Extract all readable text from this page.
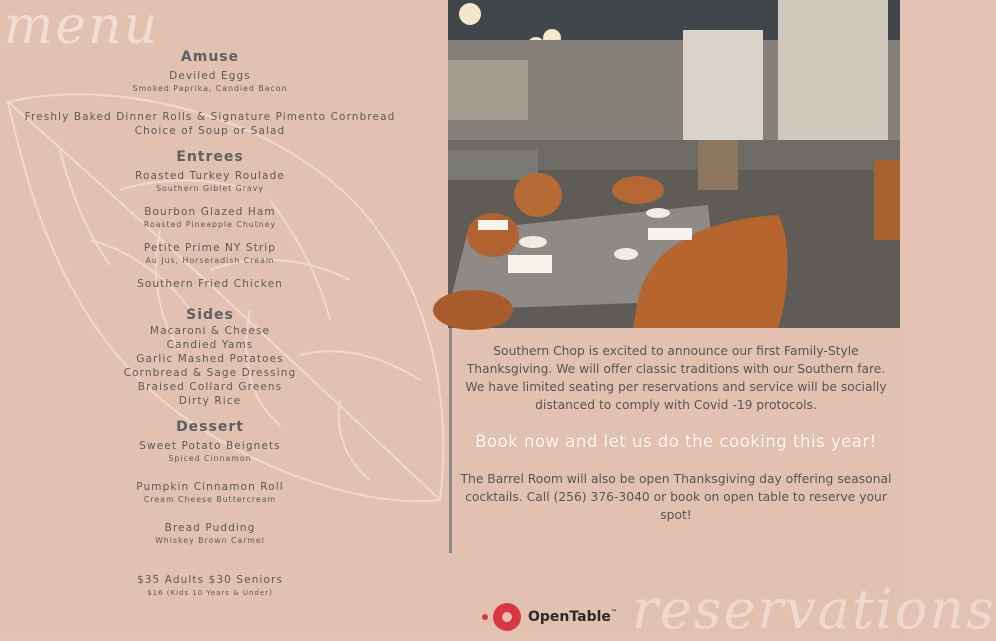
menu
Amuse

Deviled Eggs

Smoked Paprika, Candied Bacon

Freshly Baked Dinner Rolls & Signature Pimento Cornbread

Choice of Soup or Salad

Entrees

Roasted Turkey Roulade

Southern Giblet Gravy

Bourbon Glazed Ham

Roasted Pineapple Chutney

Petite Prime NY Strip

Au Jus, Horseradish Cream

Southern Fried Chicken

Sides

Macaroni & Cheese

Candied Yams

Garlic Mashed Potatoes

Cornbread & Sage Dressing

Braised Collard Greens

Dirty Rice

Dessert

Sweet Potato Beignets

Spiced Cinnamon

Pumpkin Cinnamon Roll

Cream Cheese Buttercream

Bread Pudding

Whiskey Brown Carmel

$35 Adults $30 Seniors

$16 (Kids 10 Years & Under)

Southern Chop is excited to announce our first Family-Style Thanksgiving. We will offer classic traditions with our Southern fare. We have limited seating per reservations and service will be socially distanced to comply with Covid -19 protocols.

Book now and let us do the cooking this year!

The Barrel Room will also be open Thanksgiving day offering seasonal cocktails. Call (256) 376-3040 or book on open table to reserve your spot!

OpenTable™ reservations
